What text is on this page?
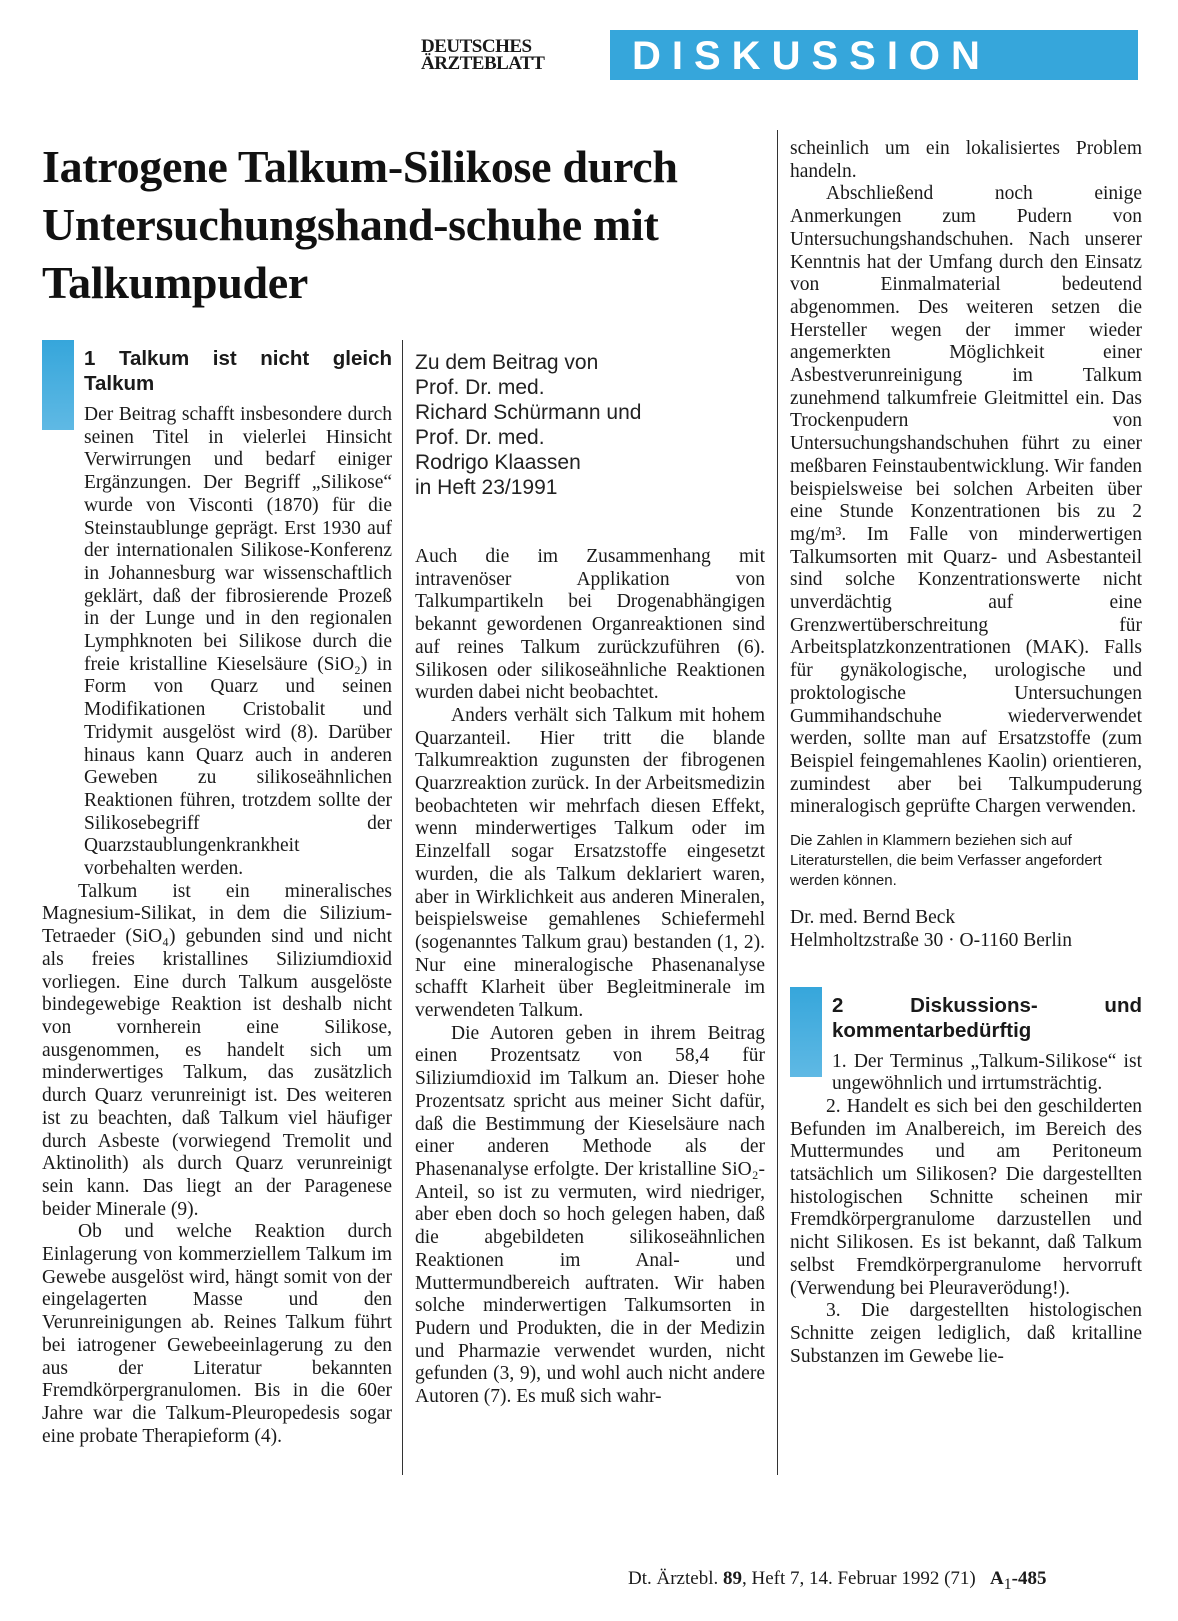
DEUTSCHES
ÄRZTEBLATT DISKUSSION
Iatrogene Talkum-Silikose durch Untersuchungshand-schuhe mit Talkumpuder
1 Talkum ist nicht gleich Talkum

Der Beitrag schafft insbesondere durch seinen Titel in vielerlei Hinsicht Verwirrungen und bedarf einiger Ergänzungen. Der Begriff „Silikose“ wurde von Visconti (1870) für die Steinstaublunge geprägt. Erst 1930 auf der internationalen Silikose-Konferenz in Johannesburg war wissenschaftlich geklärt, daß der fibrosierende Prozeß in der Lunge und in den regionalen Lymphknoten bei Silikose durch die freie kristalline Kieselsäure (SiO₂) in Form von Quarz und seinen Modifikationen Cristobalit und Tridymit ausgelöst wird (8). Darüber hinaus kann Quarz auch in anderen Geweben zu silikoseähnlichen Reaktionen führen, trotzdem sollte der Silikosebegriff der Quarzstaublungenkrankheit vorbehalten werden.

Talkum ist ein mineralisches Magnesium-Silikat, in dem die Silizium-Tetraeder (SiO₄) gebunden sind und nicht als freies kristallines Siliziumdioxid vorliegen. Eine durch Talkum ausgelöste bindegewebige Reaktion ist deshalb nicht von vornherein eine Silikose, ausgenommen, es handelt sich um minderwertiges Talkum, das zusätzlich durch Quarz verunreinigt ist. Des weiteren ist zu beachten, daß Talkum viel häufiger durch Asbeste (vorwiegend Tremolit und Aktinolith) als durch Quarz verunreinigt sein kann. Das liegt an der Paragenese beider Minerale (9).

Ob und welche Reaktion durch Einlagerung von kommerziellem Talkum im Gewebe ausgelöst wird, hängt somit von der eingelagerten Masse und den Verunreinigungen ab. Reines Talkum führt bei iatrogener Gewebeeinlagerung zu den aus der Literatur bekannten Fremdkörpergranulomen. Bis in die 60er Jahre war die Talkum-Pleuropedesis sogar eine probate Therapieform (4).

Zu dem Beitrag von
Prof. Dr. med.
Richard Schürmann und
Prof. Dr. med.
Rodrigo Klaassen
in Heft 23/1991

Auch die im Zusammenhang mit intravenöser Applikation von Talkumpartikeln bei Drogenabhängigen bekannt gewordenen Organreaktionen sind auf reines Talkum zurückzuführen (6). Silikosen oder silikoseähnliche Reaktionen wurden dabei nicht beobachtet.

Anders verhält sich Talkum mit hohem Quarzanteil. Hier tritt die blande Talkumreaktion zugunsten der fibrogenen Quarzreaktion zurück. In der Arbeitsmedizin beobachteten wir mehrfach diesen Effekt, wenn minderwertiges Talkum oder im Einzelfall sogar Ersatzstoffe eingesetzt wurden, die als Talkum deklariert waren, aber in Wirklichkeit aus anderen Mineralen, beispielsweise gemahlenes Schiefermehl (sogenanntes Talkum grau) bestanden (1, 2). Nur eine mineralogische Phasenanalyse schafft Klarheit über Begleitminerale im verwendeten Talkum.

Die Autoren geben in ihrem Beitrag einen Prozentsatz von 58,4 für Siliziumdioxid im Talkum an. Dieser hohe Prozentsatz spricht aus meiner Sicht dafür, daß die Bestimmung der Kieselsäure nach einer anderen Methode als der Phasenanalyse erfolgte. Der kristalline SiO₂-Anteil, so ist zu vermuten, wird niedriger, aber eben doch so hoch gelegen haben, daß die abgebildeten silikoseähnlichen Reaktionen im Anal- und Muttermundbereich auftraten. Wir haben solche minderwertigen Talkumsorten in Pudern und Produkten, die in der Medizin und Pharmazie verwendet wurden, nicht gefunden (3, 9), und wohl auch nicht andere Autoren (7). Es muß sich wahr-

scheinlich um ein lokalisiertes Problem handeln.

Abschließend noch einige Anmerkungen zum Pudern von Untersuchungshandschuhen. Nach unserer Kenntnis hat der Umfang durch den Einsatz von Einmalmaterial bedeutend abgenommen. Des weiteren setzen die Hersteller wegen der immer wieder angemerkten Möglichkeit einer Asbestverunreinigung im Talkum zunehmend talkumfreie Gleitmittel ein. Das Trockenpudern von Untersuchungshandschuhen führt zu einer meßbaren Feinstaubentwicklung. Wir fanden beispielsweise bei solchen Arbeiten über eine Stunde Konzentrationen bis zu 2 mg/m³. Im Falle von minderwertigen Talkumsorten mit Quarz- und Asbestanteil sind solche Konzentrationswerte nicht unverdächtig auf eine Grenzwertüberschreitung für Arbeitsplatzkonzentrationen (MAK). Falls für gynäkologische, urologische und proktologische Untersuchungen Gummihandschuhe wiederverwendet werden, sollte man auf Ersatzstoffe (zum Beispiel feingemahlenes Kaolin) orientieren, zumindest aber bei Talkumpuderung mineralogisch geprüfte Chargen verwenden.

Die Zahlen in Klammern beziehen sich auf Literaturstellen, die beim Verfasser angefordert werden können.

Dr. med. Bernd Beck
Helmholtzstraße 30 · O-1160 Berlin
2 Diskussions- und kommentarbedürftig

1. Der Terminus „Talkum-Silikose“ ist ungewöhnlich und irrtumsträchtig.

2. Handelt es sich bei den geschilderten Befunden im Analbereich, im Bereich des Muttermundes und am Peritoneum tatsächlich um Silikosen? Die dargestellten histologischen Schnitte scheinen mir Fremdkörpergranulome darzustellen und nicht Silikosen. Es ist bekannt, daß Talkum selbst Fremdkörpergranulome hervorruft (Verwendung bei Pleuraverödung!).

3. Die dargestellten histologischen Schnitte zeigen lediglich, daß kritalline Substanzen im Gewebe lie-

Dt. Ärztebl. 89, Heft 7, 14. Februar 1992 (71) $A_1-485$
